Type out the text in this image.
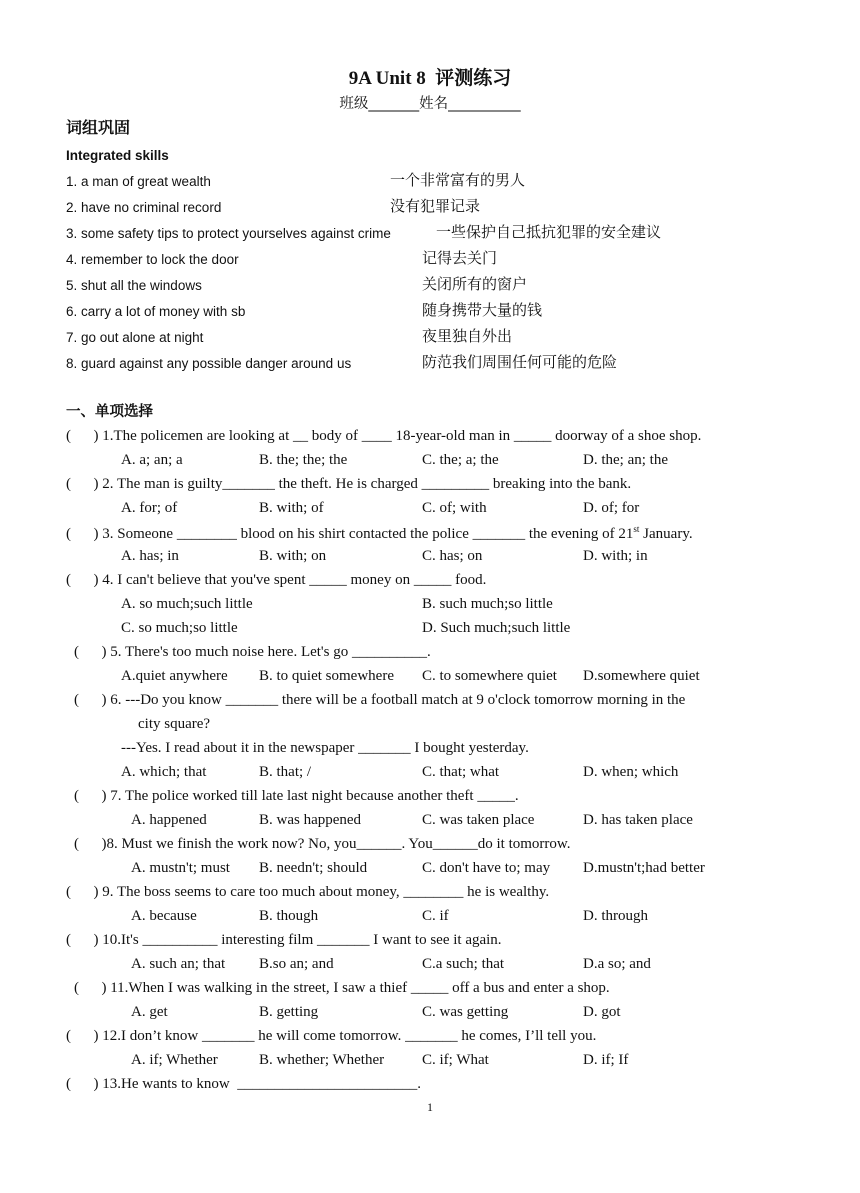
9A Unit 8  评测练习
班级_______姓名__________
词组巩固
Integrated skills
1. a man of great wealth	一个非常富有的男人
2. have no criminal record	没有犯罪记录
3. some safety tips to protect yourselves against crime	一些保护自己抵抗犯罪的安全建议
4. remember to lock the door	记得去关门
5. shut all the windows	关闭所有的窗户
6. carry a lot of money with sb	随身携带大量的钱
7. go out alone at night	夜里独自外出
8. guard against any possible danger around us	防范我们周围任何可能的危险
一、单项选择
(      ) 1.The policemen are looking at __ body of ____ 18-year-old man in _____ doorway of a shoe shop.
A. a; an; a	B. the; the; the	C. the; a; the	D. the; an; the
(      ) 2. The man is guilty_______ the theft. He is charged _________ breaking into the bank.
A. for; of	B. with; of	C. of; with	D. of; for
(      ) 3. Someone ________ blood on his shirt contacted the police _______ the evening of 21st January.
A. has; in	B. with; on	C. has; on	D. with; in
(      ) 4. I can't believe that you've spent _____ money on _____ food.
A. so much;such little	B. such much;so little
C. so much;so little	D. Such much;such little
(      ) 5. There's too much noise here. Let's go __________.
A.quiet anywhere B. to quiet somewhere C. to somewhere quiet D.somewhere quiet
(      ) 6. ---Do you know _______ there will be a football match at 9 o'clock tomorrow morning in the
city square?
---Yes. I read about it in the newspaper _______ I bought yesterday.
A. which; that	B. that; /	C. that; what	D. when; which
(      ) 7. The police worked till late last night because another theft _____.
A. happened	B. was happened	C. was taken place	D. has taken place
(      )8. Must we finish the work now? No, you______. You______do it tomorrow.
A. mustn't; must B. needn't; should	C. don't have to; may D.mustn't;had better
(      ) 9. The boss seems to care too much about money, ________ he is wealthy.
A. because	B. though	C. if	D. through
(      ) 10.It's __________ interesting film _______ I want to see it again.
A. such an; that B.so an; and	C.a such; that	D.a so; and
(      ) 11.When I was walking in the street, I saw a thief _____ off a bus and enter a shop.
A. get	B. getting	C. was getting	D. got
(      ) 12.I don’t know _______ he will come tomorrow. _______ he comes, I’ll tell you.
A. if; Whether	B. whether; Whether	C. if; What	D. if; If
(      ) 13.He wants to know  ________________________.
1
